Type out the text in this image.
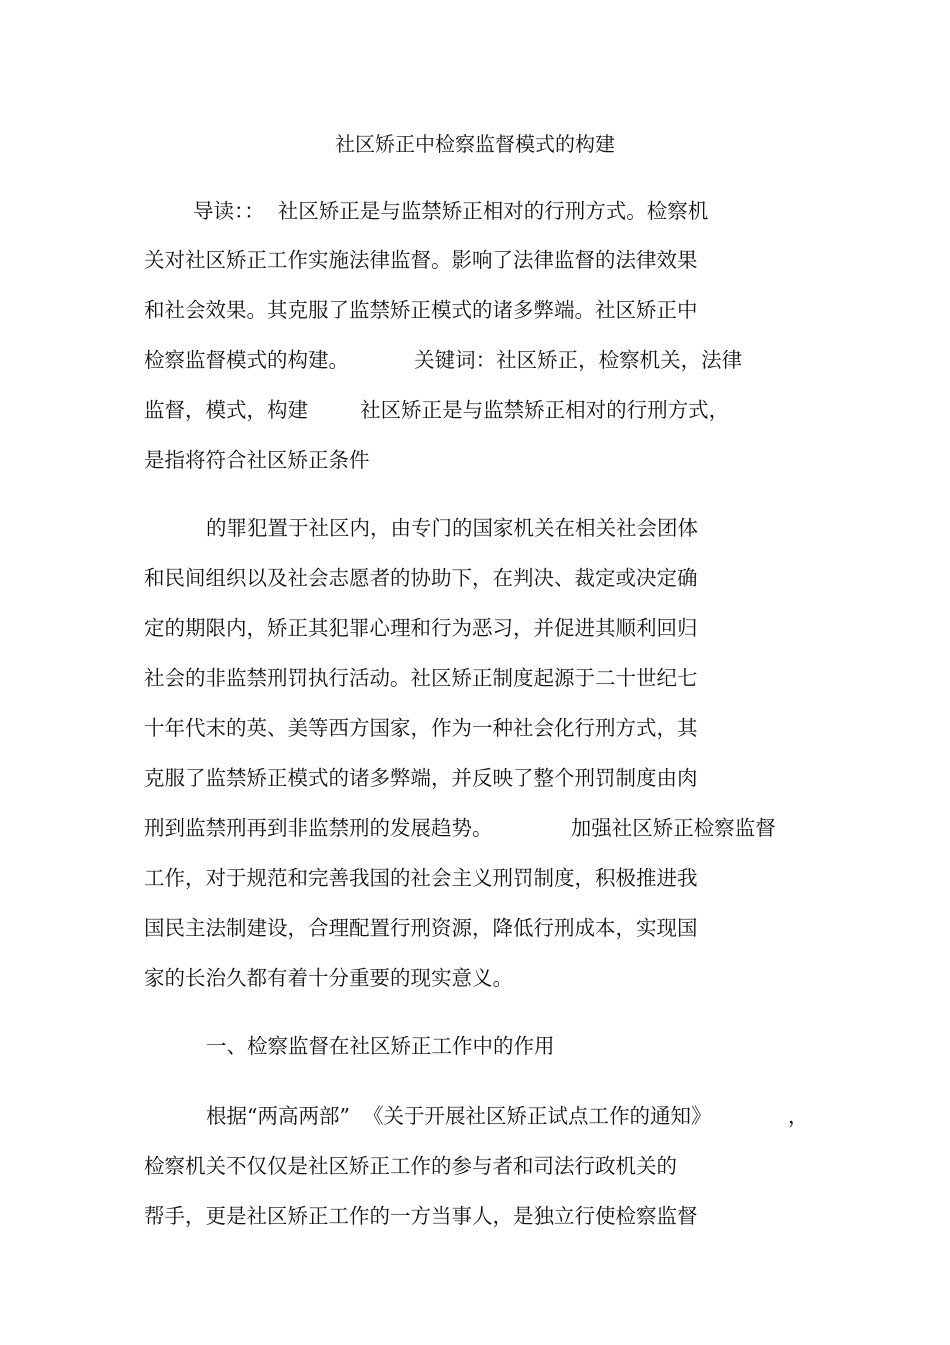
社区矫正中检察监督模式的构建
导读：：  社区矫正是与监禁矫正相对的行刑方式。检察机
关对社区矫正工作实施法律监督。影响了法律监督的法律效果
和社会效果。其克服了监禁矫正模式的诸多弊端。社区矫正中
检察监督模式的构建。          关键词：社区矫正，检察机关，法律
监督，模式，构建        社区矫正是与监禁矫正相对的行刑方式，
是指将符合社区矫正条件
的罪犯置于社区内，由专门的国家机关在相关社会团体
和民间组织以及社会志愿者的协助下，在判决、裁定或决定确
定的期限内，矫正其犯罪心理和行为恶习，并促进其顺利回归
社会的非监禁刑罚执行活动。社区矫正制度起源于二十世纪七
十年代末的英、美等西方国家，作为一种社会化行刑方式，其
克服了监禁矫正模式的诸多弊端，并反映了整个刑罚制度由肉
刑到监禁刑再到非监禁刑的发展趋势。            加强社区矫正检察监督
工作，对于规范和完善我国的社会主义刑罚制度，积极推进我
国民主法制建设，合理配置行刑资源，降低行刑成本，实现国
家的长治久都有着十分重要的现实意义。
一、检察监督在社区矫正工作中的作用
根据“两高两部”  《关于开展社区矫正试点工作的通知》	，
检察机关不仅仅是社区矫正工作的参与者和司法行政机关的
帮手，更是社区矫正工作的一方当事人，是独立行使检察监督
